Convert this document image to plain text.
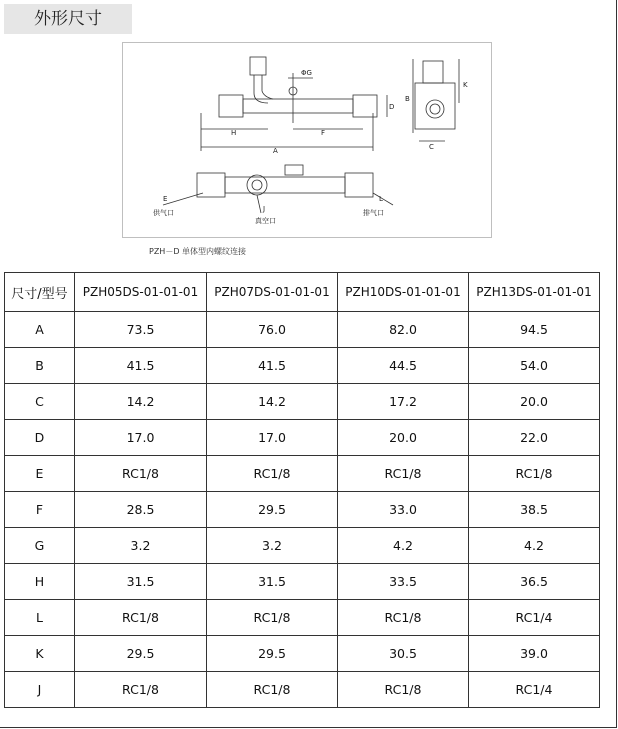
外形尺寸
ΦG
H	F
A
D
B
K
C
E
供气口	J
真空口
L
排气口
PZH－D 单体型内螺纹连接
尺寸/型号	PZH05DS-01-01-01	PZH07DS-01-01-01	PZH10DS-01-01-01	PZH13DS-01-01-01
A	73.5	76.0	82.0	94.5
B	41.5	41.5	44.5	54.0
C	14.2	14.2	17.2	20.0
D	17.0	17.0	20.0	22.0
E	RC1/8	RC1/8	RC1/8	RC1/8
F	28.5	29.5	33.0	38.5
G	3.2	3.2	4.2	4.2
H	31.5	31.5	33.5	36.5
L	RC1/8	RC1/8	RC1/8	RC1/4
K	29.5	29.5	30.5	39.0
J	RC1/8	RC1/8	RC1/8	RC1/4
